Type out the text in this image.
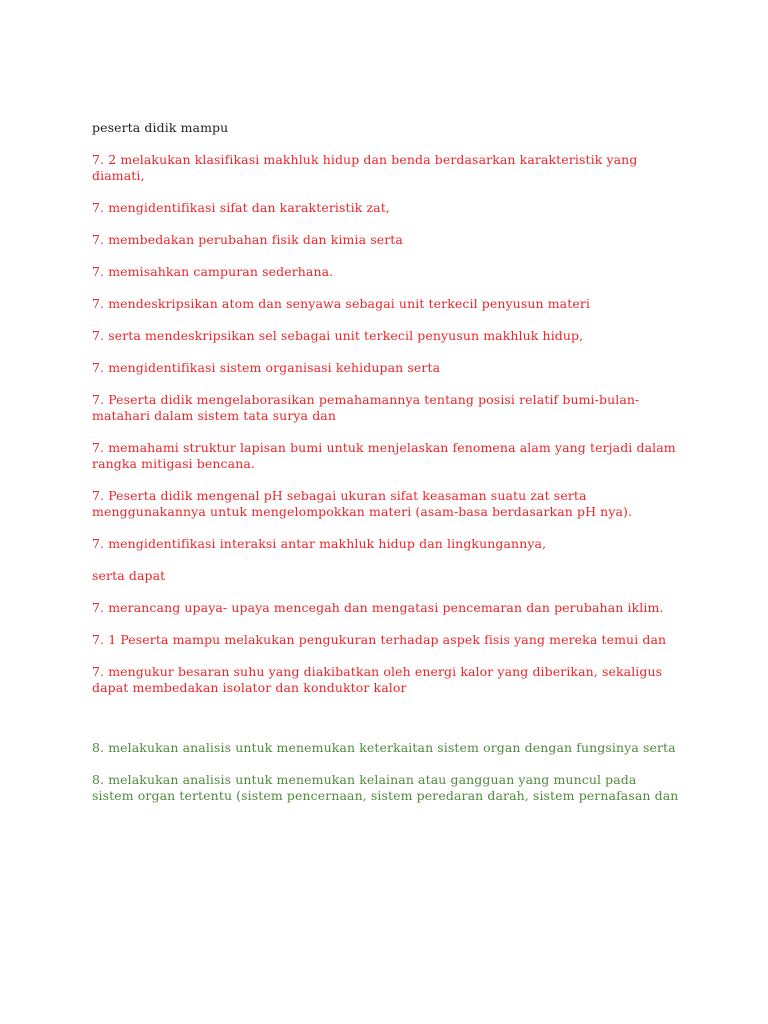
peserta didik mampu

7. 2 melakukan klasifikasi makhluk hidup dan benda berdasarkan karakteristik yang diamati,

7. mengidentifikasi sifat dan karakteristik zat,

7. membedakan perubahan fisik dan kimia serta

7. memisahkan campuran sederhana.

7. mendeskripsikan atom dan senyawa sebagai unit terkecil penyusun materi

7. serta mendeskripsikan sel sebagai unit terkecil penyusun makhluk hidup,

7. mengidentifikasi sistem organisasi kehidupan serta

7. Peserta didik mengelaborasikan pemahamannya tentang posisi relatif bumi-bulan-matahari dalam sistem tata surya dan

7. memahami struktur lapisan bumi untuk menjelaskan fenomena alam yang terjadi dalam rangka mitigasi bencana.

7. Peserta didik mengenal pH sebagai ukuran sifat keasaman suatu zat serta menggunakannya untuk mengelompokkan materi (asam-basa berdasarkan pH nya).

7. mengidentifikasi interaksi antar makhluk hidup dan lingkungannya,

serta dapat

7. merancang upaya- upaya mencegah dan mengatasi pencemaran dan perubahan iklim.

7. 1 Peserta mampu melakukan pengukuran terhadap aspek fisis yang mereka temui dan

7. mengukur besaran suhu yang diakibatkan oleh energi kalor yang diberikan, sekaligus dapat membedakan isolator dan konduktor kalor

8. melakukan analisis untuk menemukan keterkaitan sistem organ dengan fungsinya serta

8. melakukan analisis untuk menemukan kelainan atau gangguan yang muncul pada sistem organ tertentu (sistem pencernaan, sistem peredaran darah, sistem pernafasan dan
